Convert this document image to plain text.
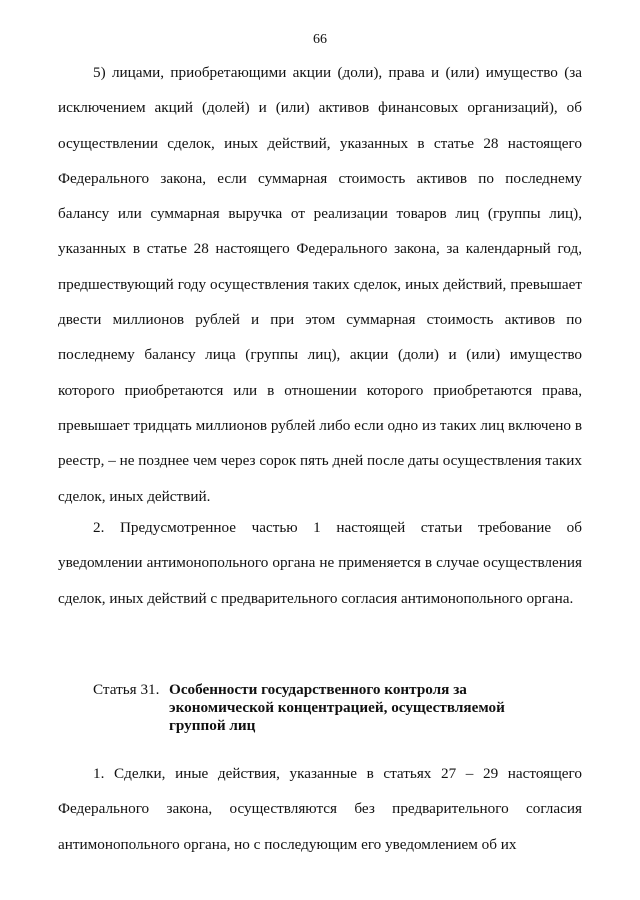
66

5) лицами, приобретающими акции (доли), права и (или) имущество (за исключением акций (долей) и (или) активов финансовых организаций), об осуществлении сделок, иных действий, указанных в статье 28 настоящего Федерального закона, если суммарная стоимость активов по последнему балансу или суммарная выручка от реализации товаров лиц (группы лиц), указанных в статье 28 настоящего Федерального закона, за календарный год, предшествующий году осуществления таких сделок, иных действий, превышает двести миллионов рублей и при этом суммарная стоимость активов по последнему балансу лица (группы лиц), акции (доли) и (или) имущество которого приобретаются или в отношении которого приобретаются права, превышает тридцать миллионов рублей либо если одно из таких лиц включено в реестр, – не позднее чем через сорок пять дней после даты осуществления таких сделок, иных действий.

2. Предусмотренное частью 1 настоящей статьи требование об уведомлении антимонопольного органа не применяется в случае осуществления сделок, иных действий с предварительного согласия антимонопольного органа.

Статья 31. Особенности государственного контроля за экономической концентрацией, осуществляемой группой лиц

1. Сделки, иные действия, указанные в статьях 27 – 29 настоящего Федерального закона, осуществляются без предварительного согласия антимонопольного органа, но с последующим его уведомлением об их
